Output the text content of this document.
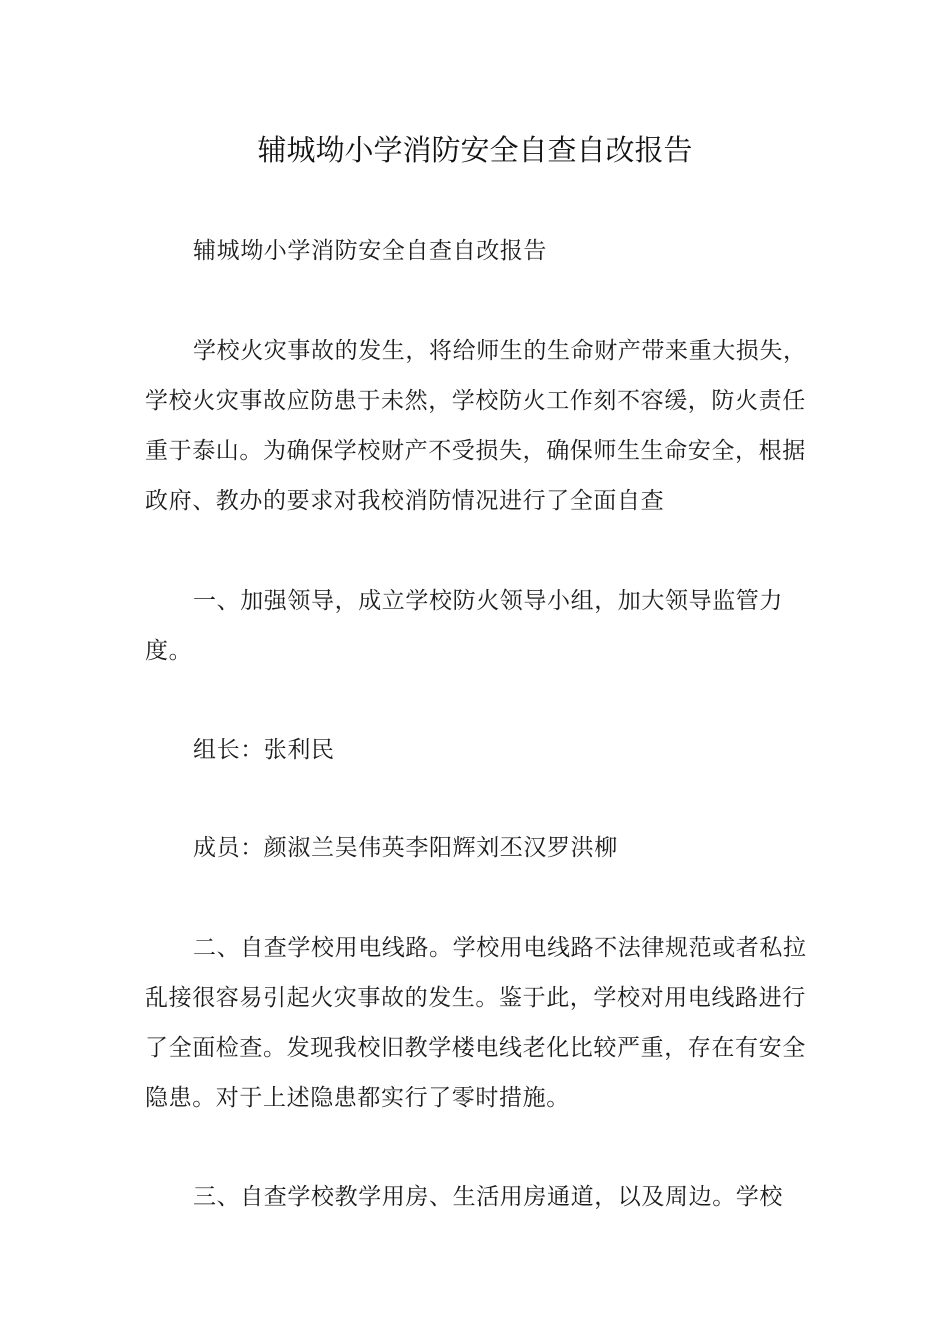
辅城坳小学消防安全自查自改报告
辅城坳小学消防安全自查自改报告
学校火灾事故的发生，将给师生的生命财产带来重大损失，学校火灾事故应防患于未然，学校防火工作刻不容缓，防火责任重于泰山。为确保学校财产不受损失，确保师生生命安全，根据政府、教办的要求对我校消防情况进行了全面自查
一、加强领导，成立学校防火领导小组，加大领导监管力度。
组长：张利民
成员：颜淑兰吴伟英李阳辉刘丕汉罗洪柳
二、自查学校用电线路。学校用电线路不法律规范或者私拉乱接很容易引起火灾事故的发生。鉴于此，学校对用电线路进行了全面检查。发现我校旧教学楼电线老化比较严重，存在有安全隐患。对于上述隐患都实行了零时措施。
三、自查学校教学用房、生活用房通道，以及周边。学校
